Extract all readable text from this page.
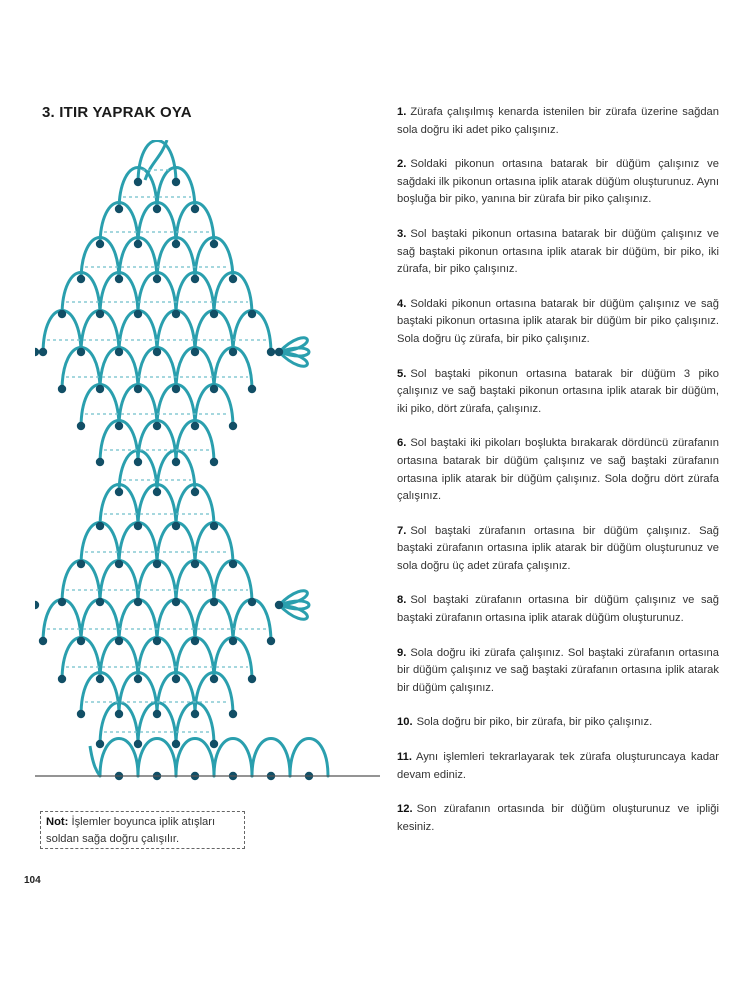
3. ITIR YAPRAK OYA	1. Zürafa çalışılmış kenarda istenilen bir zürafa üzerine sağdan sola doğru iki adet piko çalışınız.
2. Soldaki pikonun ortasına batarak bir düğüm çalışınız ve sağdaki ilk pikonun ortasına iplik atarak düğüm oluşturunuz. Aynı boşluğa bir piko, yanına bir zürafa bir piko çalışınız.
3. Sol baştaki pikonun ortasına batarak bir düğüm çalışınız ve sağ baştaki pikonun ortasına iplik atarak bir düğüm, bir piko, iki zürafa, bir piko çalışınız.
4. Soldaki pikonun ortasına batarak bir düğüm çalışınız ve sağ baştaki pikonun ortasına iplik atarak bir düğüm bir piko çalışınız. Sola doğru üç zürafa, bir piko çalışınız.
5. Sol baştaki pikonun ortasına batarak bir düğüm 3 piko çalışınız ve sağ baştaki pikonun ortasına iplik atarak bir düğüm, iki piko, dört zürafa, çalışınız.
6. Sol baştaki iki pikoları boşlukta bırakarak dördüncü zürafanın ortasına batarak bir düğüm çalışınız ve sağ baştaki zürafanın ortasına iplik atarak bir düğüm çalışınız. Sola doğru dört zürafa çalışınız.
7. Sol baştaki zürafanın ortasına bir düğüm çalışınız. Sağ baştaki zürafanın ortasına iplik atarak bir düğüm oluşturunuz ve sola doğru üç adet zürafa çalışınız.
8. Sol baştaki zürafanın ortasına bir düğüm çalışınız ve sağ baştaki zürafanın ortasına iplik atarak düğüm oluşturunuz.
9. Sola doğru iki zürafa çalışınız. Sol baştaki zürafanın ortasına bir düğüm çalışınız ve sağ baştaki zürafanın ortasına iplik atarak bir düğüm çalışınız.
10. Sola doğru bir piko, bir zürafa, bir piko çalışınız.
11. Aynı işlemleri tekrarlayarak tek zürafa oluşturuncaya kadar devam ediniz.
12. Son zürafanın ortasında bir düğüm oluşturunuz ve ipliği kesiniz.
Not: İşlemler boyunca iplik atışları soldan sağa doğru çalışılır.
104
